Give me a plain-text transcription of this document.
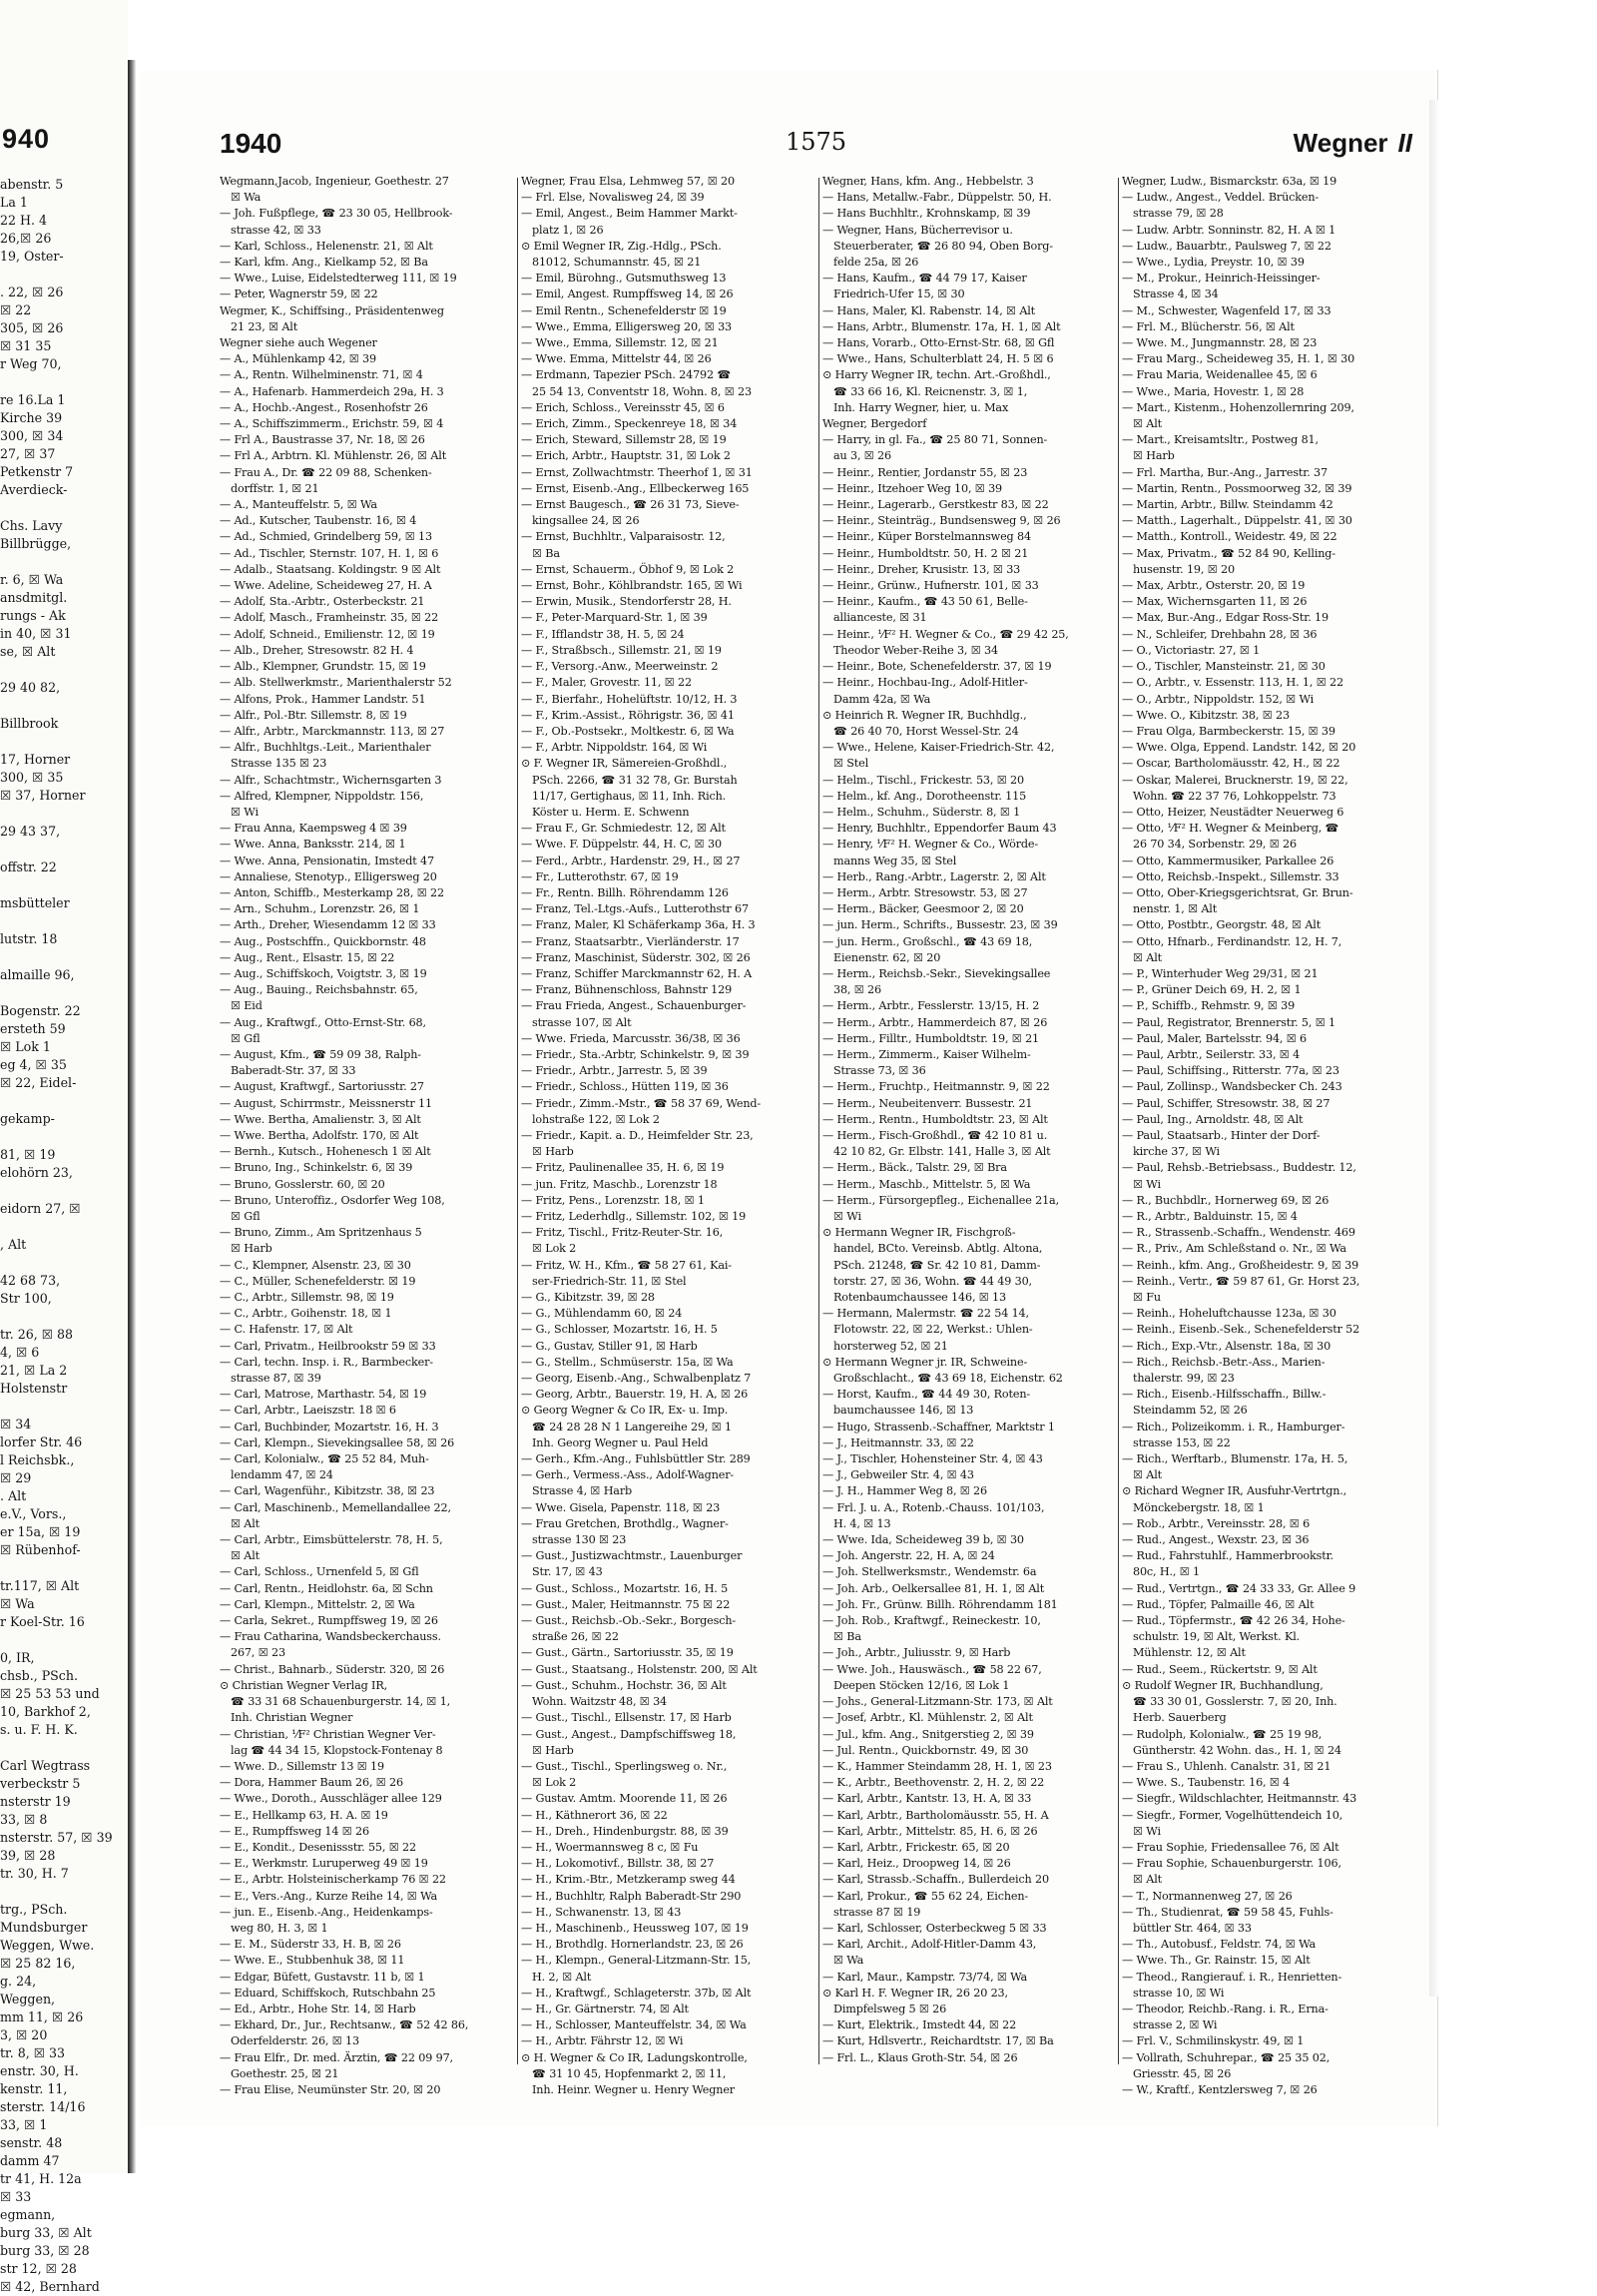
940
abenstr. 5
La 1
22 H. 4
26,☒ 26
19, Oster-

. 22, ☒ 26
☒ 22
305, ☒ 26
☒ 31 35
r Weg 70,

re 16.La 1
Kirche 39
300, ☒ 34
27, ☒ 37
Petkenstr 7
Averdieck-

Chs. Lavy
Billbrügge,

r. 6, ☒ Wa
ansdmitgl.
rungs - Ak
in 40, ☒ 31
se, ☒ Alt

29 40 82,

Billbrook

17, Horner
300, ☒ 35
☒ 37, Horner

29 43 37,

offstr. 22

msbütteler

lutstr. 18

almaille 96,

Bogenstr. 22
ersteth 59
☒ Lok 1
eg 4, ☒ 35
☒ 22, Eidel-

gekamp-

81, ☒ 19
elohörn 23,

eidorn 27, ☒

, Alt

42 68 73,
Str 100,

tr. 26, ☒ 88
4, ☒ 6
21, ☒ La 2
Holstenstr

☒ 34
lorfer Str. 46
l Reichsbk.,
☒ 29
. Alt
e.V., Vors.,
er 15a, ☒ 19
☒ Rübenhof-

tr.117, ☒ Alt
☒ Wa
r Koel-Str. 16

0, IR,
chsb., PSch.
☒ 25 53 53 und
10, Barkhof 2,
s. u. F. H. K.

Carl Wegtrass
verbeckstr 5
nsterstr 19
33, ☒ 8
nsterstr. 57, ☒ 39
39, ☒ 28
tr. 30, H. 7

trg., PSch.
Mundsburger
Weggen, Wwe.
☒ 25 82 16,
g. 24,
Weggen,
mm 11, ☒ 26
3, ☒ 20
tr. 8, ☒ 33
enstr. 30, H.
kenstr. 11,
sterstr. 14/16
33, ☒ 1
senstr. 48
damm 47
tr 41, H. 12a
☒ 33
egmann,
burg 33, ☒ Alt
burg 33, ☒ 28
str 12, ☒ 28
☒ 42, Bernhard
1940	1575	Wegner II
Wegmann,Jacob, Ingenieur, Goethestr. 27
☒ Wa
— Joh. Fußpflege, ☎ 23 30 05, Hellbrook-
strasse 42, ☒ 33
— Karl, Schloss., Helenenstr. 21, ☒ Alt
— Karl, kfm. Ang., Kielkamp 52, ☒ Ba
— Wwe., Luise, Eidelstedterweg 111, ☒ 19
— Peter, Wagnerstr 59, ☒ 22
Wegmer, K., Schiffsing., Präsidentenweg
21 23, ☒ Alt
Wegner siehe auch Wegener
— A., Mühlenkamp 42, ☒ 39
— A., Rentn. Wilhelminenstr. 71, ☒ 4
— A., Hafenarb. Hammerdeich 29a, H. 3
— A., Hochb.-Angest., Rosenhofstr 26
— A., Schiffszimmerm., Erichstr. 59, ☒ 4
— Frl A., Baustrasse 37, Nr. 18, ☒ 26
— Frl A., Arbtrn. Kl. Mühlenstr. 26, ☒ Alt
— Frau A., Dr. ☎ 22 09 88, Schenken-
dorffstr. 1, ☒ 21
— A., Manteuffelstr. 5, ☒ Wa
— Ad., Kutscher, Taubenstr. 16, ☒ 4
— Ad., Schmied, Grindelberg 59, ☒ 13
— Ad., Tischler, Sternstr. 107, H. 1, ☒ 6
— Adalb., Staatsang. Koldingstr. 9 ☒ Alt
— Wwe. Adeline, Scheideweg 27, H. A
— Adolf, Sta.-Arbtr., Osterbeckstr. 21
— Adolf, Masch., Framheinstr. 35, ☒ 22
— Adolf, Schneid., Emilienstr. 12, ☒ 19
— Alb., Dreher, Stresowstr. 82 H. 4
— Alb., Klempner, Grundstr. 15, ☒ 19
— Alb. Stellwerkmstr., Marienthalerstr 52
— Alfons, Prok., Hammer Landstr. 51
— Alfr., Pol.-Btr. Sillemstr. 8, ☒ 19
— Alfr., Arbtr., Marckmannstr. 113, ☒ 27
— Alfr., Buchhltgs.-Leit., Marienthaler
Strasse 135 ☒ 23
— Alfr., Schachtmstr., Wichernsgarten 3
— Alfred, Klempner, Nippoldstr. 156,
☒ Wi
— Frau Anna, Kaempsweg 4 ☒ 39
— Wwe. Anna, Banksstr. 214, ☒ 1
— Wwe. Anna, Pensionatin, Imstedt 47
— Annaliese, Stenotyp., Elligersweg 20
— Anton, Schiffb., Mesterkamp 28, ☒ 22
— Arn., Schuhm., Lorenzstr. 26, ☒ 1
— Arth., Dreher, Wiesendamm 12 ☒ 33
— Aug., Postschffn., Quickbornstr. 48
— Aug., Rent., Elsastr. 15, ☒ 22
— Aug., Schiffskoch, Voigtstr. 3, ☒ 19
— Aug., Bauing., Reichsbahnstr. 65,
☒ Eid
— Aug., Kraftwgf., Otto-Ernst-Str. 68,
☒ Gfl
— August, Kfm., ☎ 59 09 38, Ralph-
Baberadt-Str. 37, ☒ 33
— August, Kraftwgf., Sartoriusstr. 27
— August, Schirrmstr., Meissnerstr 11
— Wwe. Bertha, Amalienstr. 3, ☒ Alt
— Wwe. Bertha, Adolfstr. 170, ☒ Alt
— Bernh., Kutsch., Hohenesch 1 ☒ Alt
— Bruno, Ing., Schinkelstr. 6, ☒ 39
— Bruno, Gosslerstr. 60, ☒ 20
— Bruno, Unteroffiz., Osdorfer Weg 108,
☒ Gfl
— Bruno, Zimm., Am Spritzenhaus 5
☒ Harb
— C., Klempner, Alsenstr. 23, ☒ 30
— C., Müller, Schenefelderstr. ☒ 19
— C., Arbtr., Sillemstr. 98, ☒ 19
— C., Arbtr., Goihenstr. 18, ☒ 1
— C. Hafenstr. 17, ☒ Alt
— Carl, Privatm., Heilbrookstr 59 ☒ 33
— Carl, techn. Insp. i. R., Barmbecker-
strasse 87, ☒ 39
— Carl, Matrose, Marthastr. 54, ☒ 19
— Carl, Arbtr., Laeiszstr. 18 ☒ 6
— Carl, Buchbinder, Mozartstr. 16, H. 3
— Carl, Klempn., Sievekingsallee 58, ☒ 26
— Carl, Kolonialw., ☎ 25 52 84, Muh-
lendamm 47, ☒ 24
— Carl, Wagenführ., Kibitzstr. 38, ☒ 23
— Carl, Maschinenb., Memellandallee 22,
☒ Alt
— Carl, Arbtr., Eimsbüttelerstr. 78, H. 5,
☒ Alt
— Carl, Schloss., Urnenfeld 5, ☒ Gfl
— Carl, Rentn., Heidlohstr. 6a, ☒ Schn
— Carl, Klempn., Mittelstr. 2, ☒ Wa
— Carla, Sekret., Rumpffsweg 19, ☒ 26
— Frau Catharina, Wandsbeckerchauss.
267, ☒ 23
— Christ., Bahnarb., Süderstr. 320, ☒ 26
⊙ Christian Wegner Verlag IR,
☎ 33 31 68 Schauenburgerstr. 14, ☒ 1,
Inh. Christian Wegner
— Christian, ⅟F² Christian Wegner Ver-
lag ☎ 44 34 15, Klopstock-Fontenay 8
— Wwe. D., Sillemstr 13 ☒ 19
— Dora, Hammer Baum 26, ☒ 26
— Wwe., Doroth., Ausschläger allee 129
— E., Hellkamp 63, H. A. ☒ 19
— E., Rumpffsweg 14 ☒ 26
— E., Kondit., Desenissstr. 55, ☒ 22
— E., Werkmstr. Luruperweg 49 ☒ 19
— E., Arbtr. Holsteinischerkamp 76 ☒ 22
— E., Vers.-Ang., Kurze Reihe 14, ☒ Wa
— jun. E., Eisenb.-Ang., Heidenkamps-
weg 80, H. 3, ☒ 1
— E. M., Süderstr 33, H. B, ☒ 26
— Wwe. E., Stubbenhuk 38, ☒ 11
— Edgar, Büfett, Gustavstr. 11 b, ☒ 1
— Eduard, Schiffskoch, Rutschbahn 25
— Ed., Arbtr., Hohe Str. 14, ☒ Harb
— Ekhard, Dr., Jur., Rechtsanw., ☎ 52 42 86,
Oderfelderstr. 26, ☒ 13
— Frau Elfr., Dr. med. Ärztin, ☎ 22 09 97,
Goethestr. 25, ☒ 21
— Frau Elise, Neumünster Str. 20, ☒ 20
Wegner, Frau Elsa, Lehmweg 57, ☒ 20
— Frl. Else, Novalisweg 24, ☒ 39
— Emil, Angest., Beim Hammer Markt-
platz 1, ☒ 26
⊙ Emil Wegner IR, Zig.-Hdlg., PSch.
81012, Schumannstr. 45, ☒ 21
— Emil, Bürohng., Gutsmuthsweg 13
— Emil, Angest. Rumpffsweg 14, ☒ 26
— Emil Rentn., Schenefelderstr ☒ 19
— Wwe., Emma, Elligersweg 20, ☒ 33
— Wwe., Emma, Sillemstr. 12, ☒ 21
— Wwe. Emma, Mittelstr 44, ☒ 26
— Erdmann, Tapezier PSch. 24792 ☎
25 54 13, Conventstr 18, Wohn. 8, ☒ 23
— Erich, Schloss., Vereinsstr 45, ☒ 6
— Erich, Zimm., Speckenreye 18, ☒ 34
— Erich, Steward, Sillemstr 28, ☒ 19
— Erich, Arbtr., Hauptstr. 31, ☒ Lok 2
— Ernst, Zollwachtmstr. Theerhof 1, ☒ 31
— Ernst, Eisenb.-Ang., Ellbeckerweg 165
— Ernst Baugesch., ☎ 26 31 73, Sieve-
kingsallee 24, ☒ 26
— Ernst, Buchhltr., Valparaisostr. 12,
☒ Ba
— Ernst, Schauerm., Öbhof 9, ☒ Lok 2
— Ernst, Bohr., Köhlbrandstr. 165, ☒ Wi
— Erwin, Musik., Stendorferstr 28, H.
— F., Peter-Marquard-Str. 1, ☒ 39
— F., Ifflandstr 38, H. 5, ☒ 24
— F., Straßbsch., Sillemstr. 21, ☒ 19
— F., Versorg.-Anw., Meerweinstr. 2
— F., Maler, Grovestr. 11, ☒ 22
— F., Bierfahr., Hohelüftstr. 10/12, H. 3
— F., Krim.-Assist., Röhrigstr. 36, ☒ 41
— F., Ob.-Postsekr., Moltkestr. 6, ☒ Wa
— F., Arbtr. Nippoldstr. 164, ☒ Wi
⊙ F. Wegner IR, Sämereien-Großhdl.,
PSch. 2266, ☎ 31 32 78, Gr. Burstah
11/17, Gertighaus, ☒ 11, Inh. Rich.
Köster u. Herm. E. Schwenn
— Frau F., Gr. Schmiedestr. 12, ☒ Alt
— Wwe. F. Düppelstr. 44, H. C, ☒ 30
— Ferd., Arbtr., Hardenstr. 29, H., ☒ 27
— Fr., Lutterothstr. 67, ☒ 19
— Fr., Rentn. Billh. Röhrendamm 126
— Franz, Tel.-Ltgs.-Aufs., Lutterothstr 67
— Franz, Maler, Kl Schäferkamp 36a, H. 3
— Franz, Staatsarbtr., Vierländerstr. 17
— Franz, Maschinist, Süderstr. 302, ☒ 26
— Franz, Schiffer Marckmannstr 62, H. A
— Franz, Bühnenschloss, Bahnstr 129
— Frau Frieda, Angest., Schauenburger-
strasse 107, ☒ Alt
— Wwe. Frieda, Marcusstr. 36/38, ☒ 36
— Friedr., Sta.-Arbtr, Schinkelstr. 9, ☒ 39
— Friedr., Arbtr., Jarrestr. 5, ☒ 39
— Friedr., Schloss., Hütten 119, ☒ 36
— Friedr., Zimm.-Mstr., ☎ 58 37 69, Wend-
lohstraße 122, ☒ Lok 2
— Friedr., Kapit. a. D., Heimfelder Str. 23,
☒ Harb
— Fritz, Paulinenallee 35, H. 6, ☒ 19
— jun. Fritz, Maschb., Lorenzstr 18
— Fritz, Pens., Lorenzstr. 18, ☒ 1
— Fritz, Lederhdlg., Sillemstr. 102, ☒ 19
— Fritz, Tischl., Fritz-Reuter-Str. 16,
☒ Lok 2
— Fritz, W. H., Kfm., ☎ 58 27 61, Kai-
ser-Friedrich-Str. 11, ☒ Stel
— G., Kibitzstr. 39, ☒ 28
— G., Mühlendamm 60, ☒ 24
— G., Schlosser, Mozartstr. 16, H. 5
— G., Gustav, Stiller 91, ☒ Harb
— G., Stellm., Schmüserstr. 15a, ☒ Wa
— Georg, Eisenb.-Ang., Schwalbenplatz 7
— Georg, Arbtr., Bauerstr. 19, H. A, ☒ 26
⊙ Georg Wegner & Co IR, Ex- u. Imp.
☎ 24 28 28 N 1 Langereihe 29, ☒ 1
Inh. Georg Wegner u. Paul Held
— Gerh., Kfm.-Ang., Fuhlsbüttler Str. 289
— Gerh., Vermess.-Ass., Adolf-Wagner-
Strasse 4, ☒ Harb
— Wwe. Gisela, Papenstr. 118, ☒ 23
— Frau Gretchen, Brothdlg., Wagner-
strasse 130 ☒ 23
— Gust., Justizwachtmstr., Lauenburger
Str. 17, ☒ 43
— Gust., Schloss., Mozartstr. 16, H. 5
— Gust., Maler, Heitmannstr. 75 ☒ 22
— Gust., Reichsb.-Ob.-Sekr., Borgesch-
straße 26, ☒ 22
— Gust., Gärtn., Sartoriusstr. 35, ☒ 19
— Gust., Staatsang., Holstenstr. 200, ☒ Alt
— Gust., Schuhm., Hochstr. 36, ☒ Alt
Wohn. Waitzstr 48, ☒ 34
— Gust., Tischl., Ellsenstr. 17, ☒ Harb
— Gust., Angest., Dampfschiffsweg 18,
☒ Harb
— Gust., Tischl., Sperlingsweg o. Nr.,
☒ Lok 2
— Gustav. Amtm. Moorende 11, ☒ 26
— H., Käthnerort 36, ☒ 22
— H., Dreh., Hindenburgstr. 88, ☒ 39
— H., Woermannsweg 8 c, ☒ Fu
— H., Lokomotivf., Billstr. 38, ☒ 27
— H., Krim.-Btr., Metzkeramp sweg 44
— H., Buchhltr, Ralph Baberadt-Str 290
— H., Schwanenstr. 13, ☒ 43
— H., Maschinenb., Heussweg 107, ☒ 19
— H., Brothdlg. Hornerlandstr. 23, ☒ 26
— H., Klempn., General-Litzmann-Str. 15,
H. 2, ☒ Alt
— H., Kraftwgf., Schlageterstr. 37b, ☒ Alt
— H., Gr. Gärtnerstr. 74, ☒ Alt
— H., Schlosser, Manteuffelstr. 34, ☒ Wa
— H., Arbtr. Fährstr 12, ☒ Wi
⊙ H. Wegner & Co IR, Ladungskontrolle,
☎ 31 10 45, Hopfenmarkt 2, ☒ 11,
Inh. Heinr. Wegner u. Henry Wegner
Wegner, Hans, kfm. Ang., Hebbelstr. 3
— Hans, Metallw.-Fabr., Düppelstr. 50, H.
— Hans Buchhltr., Krohnskamp, ☒ 39
— Wegner, Hans, Bücherrevisor u.
Steuerberater, ☎ 26 80 94, Oben Borg-
felde 25a, ☒ 26
— Hans, Kaufm., ☎ 44 79 17, Kaiser
Friedrich-Ufer 15, ☒ 30
— Hans, Maler, Kl. Rabenstr. 14, ☒ Alt
— Hans, Arbtr., Blumenstr. 17a, H. 1, ☒ Alt
— Hans, Vorarb., Otto-Ernst-Str. 68, ☒ Gfl
— Wwe., Hans, Schulterblatt 24, H. 5 ☒ 6
⊙ Harry Wegner IR, techn. Art.-Großhdl.,
☎ 33 66 16, Kl. Reicnenstr. 3, ☒ 1,
Inh. Harry Wegner, hier, u. Max
Wegner, Bergedorf
— Harry, in gl. Fa., ☎ 25 80 71, Sonnen-
au 3, ☒ 26
— Heinr., Rentier, Jordanstr 55, ☒ 23
— Heinr., Itzehoer Weg 10, ☒ 39
— Heinr., Lagerarb., Gerstkestr 83, ☒ 22
— Heinr., Steinträg., Bundsensweg 9, ☒ 26
— Heinr., Küper Borstelmannsweg 84
— Heinr., Humboldtstr. 50, H. 2 ☒ 21
— Heinr., Dreher, Krusistr. 13, ☒ 33
— Heinr., Grünw., Hufnerstr. 101, ☒ 33
— Heinr., Kaufm., ☎ 43 50 61, Belle-
allianceste, ☒ 31
— Heinr., ⅟F² H. Wegner & Co., ☎ 29 42 25,
Theodor Weber-Reihe 3, ☒ 34
— Heinr., Bote, Schenefelderstr. 37, ☒ 19
— Heinr., Hochbau-Ing., Adolf-Hitler-
Damm 42a, ☒ Wa
⊙ Heinrich R. Wegner IR, Buchhdlg.,
☎ 26 40 70, Horst Wessel-Str. 24
— Wwe., Helene, Kaiser-Friedrich-Str. 42,
☒ Stel
— Helm., Tischl., Frickestr. 53, ☒ 20
— Helm., kf. Ang., Dorotheenstr. 115
— Helm., Schuhm., Süderstr. 8, ☒ 1
— Henry, Buchhltr., Eppendorfer Baum 43
— Henry, ⅟F² H. Wegner & Co., Wörde-
manns Weg 35, ☒ Stel
— Herb., Rang.-Arbtr., Lagerstr. 2, ☒ Alt
— Herm., Arbtr. Stresowstr. 53, ☒ 27
— Herm., Bäcker, Geesmoor 2, ☒ 20
— jun. Herm., Schrifts., Bussestr. 23, ☒ 39
— jun. Herm., Großschl., ☎ 43 69 18,
Eienenstr. 62, ☒ 20
— Herm., Reichsb.-Sekr., Sievekingsallee
38, ☒ 26
— Herm., Arbtr., Fesslerstr. 13/15, H. 2
— Herm., Arbtr., Hammerdeich 87, ☒ 26
— Herm., Filltr., Humboldtstr. 19, ☒ 21
— Herm., Zimmerm., Kaiser Wilhelm-
Strasse 73, ☒ 36
— Herm., Fruchtp., Heitmannstr. 9, ☒ 22
— Herm., Neubeitenverr. Bussestr. 21
— Herm., Rentn., Humboldtstr. 23, ☒ Alt
— Herm., Fisch-Großhdl., ☎ 42 10 81 u.
42 10 82, Gr. Elbstr. 141, Halle 3, ☒ Alt
— Herm., Bäck., Talstr. 29, ☒ Bra
— Herm., Maschb., Mittelstr. 5, ☒ Wa
— Herm., Fürsorgepfleg., Eichenallee 21a,
☒ Wi
⊙ Hermann Wegner IR, Fischgroß-
handel, BCto. Vereinsb. Abtlg. Altona,
PSch. 21248, ☎ Sr. 42 10 81, Damm-
torstr. 27, ☒ 36, Wohn. ☎ 44 49 30,
Rotenbaumchaussee 146, ☒ 13
— Hermann, Malermstr. ☎ 22 54 14,
Flotowstr. 22, ☒ 22, Werkst.: Uhlen-
horsterweg 52, ☒ 21
⊙ Hermann Wegner jr. IR, Schweine-
Großschlacht., ☎ 43 69 18, Eichenstr. 62
— Horst, Kaufm., ☎ 44 49 30, Roten-
baumchaussee 146, ☒ 13
— Hugo, Strassenb.-Schaffner, Marktstr 1
— J., Heitmannstr. 33, ☒ 22
— J., Tischler, Hohensteiner Str. 4, ☒ 43
— J., Gebweiler Str. 4, ☒ 43
— J. H., Hammer Weg 8, ☒ 26
— Frl. J. u. A., Rotenb.-Chauss. 101/103,
H. 4, ☒ 13
— Wwe. Ida, Scheideweg 39 b, ☒ 30
— Joh. Angerstr. 22, H. A, ☒ 24
— Joh. Stellwerksmstr., Wendemstr. 6a
— Joh. Arb., Oelkersallee 81, H. 1, ☒ Alt
— Joh. Fr., Grünw. Billh. Röhrendamm 181
— Joh. Rob., Kraftwgf., Reineckestr. 10,
☒ Ba
— Joh., Arbtr., Juliusstr. 9, ☒ Harb
— Wwe. Joh., Hauswäsch., ☎ 58 22 67,
Deepen Stöcken 12/16, ☒ Lok 1
— Johs., General-Litzmann-Str. 173, ☒ Alt
— Josef, Arbtr., Kl. Mühlenstr. 2, ☒ Alt
— Jul., kfm. Ang., Snitgerstieg 2, ☒ 39
— Jul. Rentn., Quickbornstr. 49, ☒ 30
— K., Hammer Steindamm 28, H. 1, ☒ 23
— K., Arbtr., Beethovenstr. 2, H. 2, ☒ 22
— Karl, Arbtr., Kantstr. 13, H. A, ☒ 33
— Karl, Arbtr., Bartholomäusstr. 55, H. A
— Karl, Arbtr., Mittelstr. 85, H. 6, ☒ 26
— Karl, Arbtr., Frickestr. 65, ☒ 20
— Karl, Heiz., Droopweg 14, ☒ 26
— Karl, Strassb.-Schaffn., Bullerdeich 20
— Karl, Prokur., ☎ 55 62 24, Eichen-
strasse 87 ☒ 19
— Karl, Schlosser, Osterbeckweg 5 ☒ 33
— Karl, Archit., Adolf-Hitler-Damm 43,
☒ Wa
— Karl, Maur., Kampstr. 73/74, ☒ Wa
⊙ Karl H. F. Wegner IR, 26 20 23,
Dimpfelsweg 5 ☒ 26
— Kurt, Elektrik., Imstedt 44, ☒ 22
— Kurt, Hdlsvertr., Reichardtstr. 17, ☒ Ba
— Frl. L., Klaus Groth-Str. 54, ☒ 26
Wegner, Ludw., Bismarckstr. 63a, ☒ 19
— Ludw., Angest., Veddel. Brücken-
strasse 79, ☒ 28
— Ludw. Arbtr. Sonninstr. 82, H. A ☒ 1
— Ludw., Bauarbtr., Paulsweg 7, ☒ 22
— Wwe., Lydia, Preystr. 10, ☒ 39
— M., Prokur., Heinrich-Heissinger-
Strasse 4, ☒ 34
— M., Schwester, Wagenfeld 17, ☒ 33
— Frl. M., Blücherstr. 56, ☒ Alt
— Wwe. M., Jungmannstr. 28, ☒ 23
— Frau Marg., Scheideweg 35, H. 1, ☒ 30
— Frau Maria, Weidenallee 45, ☒ 6
— Wwe., Maria, Hovestr. 1, ☒ 28
— Mart., Kistenm., Hohenzollernring 209,
☒ Alt
— Mart., Kreisamtsltr., Postweg 81,
☒ Harb
— Frl. Martha, Bur.-Ang., Jarrestr. 37
— Martin, Rentn., Possmoorweg 32, ☒ 39
— Martin, Arbtr., Billw. Steindamm 42
— Matth., Lagerhalt., Düppelstr. 41, ☒ 30
— Matth., Kontroll., Weidestr. 49, ☒ 22
— Max, Privatm., ☎ 52 84 90, Kelling-
husenstr. 19, ☒ 20
— Max, Arbtr., Osterstr. 20, ☒ 19
— Max, Wichernsgarten 11, ☒ 26
— Max, Bur.-Ang., Edgar Ross-Str. 19
— N., Schleifer, Drehbahn 28, ☒ 36
— O., Victoriastr. 27, ☒ 1
— O., Tischler, Mansteinstr. 21, ☒ 30
— O., Arbtr., v. Essenstr. 113, H. 1, ☒ 22
— O., Arbtr., Nippoldstr. 152, ☒ Wi
— Wwe. O., Kibitzstr. 38, ☒ 23
— Frau Olga, Barmbeckerstr. 15, ☒ 39
— Wwe. Olga, Eppend. Landstr. 142, ☒ 20
— Oscar, Bartholomäusstr. 42, H., ☒ 22
— Oskar, Malerei, Brucknerstr. 19, ☒ 22,
Wohn. ☎ 22 37 76, Lohkoppelstr. 73
— Otto, Heizer, Neustädter Neuerweg 6
— Otto, ⅟F² H. Wegner & Meinberg, ☎
26 70 34, Sorbenstr. 29, ☒ 26
— Otto, Kammermusiker, Parkallee 26
— Otto, Reichsb.-Inspekt., Sillemstr. 33
— Otto, Ober-Kriegsgerichtsrat, Gr. Brun-
nenstr. 1, ☒ Alt
— Otto, Postbtr., Georgstr. 48, ☒ Alt
— Otto, Hfnarb., Ferdinandstr. 12, H. 7,
☒ Alt
— P., Winterhuder Weg 29/31, ☒ 21
— P., Grüner Deich 69, H. 2, ☒ 1
— P., Schiffb., Rehmstr. 9, ☒ 39
— Paul, Registrator, Brennerstr. 5, ☒ 1
— Paul, Maler, Bartelsstr. 94, ☒ 6
— Paul, Arbtr., Seilerstr. 33, ☒ 4
— Paul, Schiffsing., Ritterstr. 77a, ☒ 23
— Paul, Zollinsp., Wandsbecker Ch. 243
— Paul, Schiffer, Stresowstr. 38, ☒ 27
— Paul, Ing., Arnoldstr. 48, ☒ Alt
— Paul, Staatsarb., Hinter der Dorf-
kirche 37, ☒ Wi
— Paul, Rehsb.-Betriebsass., Buddestr. 12,
☒ Wi
— R., Buchbdlr., Hornerweg 69, ☒ 26
— R., Arbtr., Balduinstr. 15, ☒ 4
— R., Strassenb.-Schaffn., Wendenstr. 469
— R., Priv., Am Schleßstand o. Nr., ☒ Wa
— Reinh., kfm. Ang., Großheidestr. 9, ☒ 39
— Reinh., Vertr., ☎ 59 87 61, Gr. Horst 23,
☒ Fu
— Reinh., Hoheluftchausse 123a, ☒ 30
— Reinh., Eisenb.-Sek., Schenefelderstr 52
— Rich., Exp.-Vtr., Alsenstr. 18a, ☒ 30
— Rich., Reichsb.-Betr.-Ass., Marien-
thalerstr. 99, ☒ 23
— Rich., Eisenb.-Hilfsschaffn., Billw.-
Steindamm 52, ☒ 26
— Rich., Polizeikomm. i. R., Hamburger-
strasse 153, ☒ 22
— Rich., Werftarb., Blumenstr. 17a, H. 5,
☒ Alt
⊙ Richard Wegner IR, Ausfuhr-Vertrtgn.,
Mönckebergstr. 18, ☒ 1
— Rob., Arbtr., Vereinsstr. 28, ☒ 6
— Rud., Angest., Wexstr. 23, ☒ 36
— Rud., Fahrstuhlf., Hammerbrookstr.
80c, H., ☒ 1
— Rud., Vertrtgn., ☎ 24 33 33, Gr. Allee 9
— Rud., Töpfer, Palmaille 46, ☒ Alt
— Rud., Töpfermstr., ☎ 42 26 34, Hohe-
schulstr. 19, ☒ Alt, Werkst. Kl.
Mühlenstr. 12, ☒ Alt
— Rud., Seem., Rückertstr. 9, ☒ Alt
⊙ Rudolf Wegner IR, Buchhandlung,
☎ 33 30 01, Gosslerstr. 7, ☒ 20, Inh.
Herb. Sauerberg
— Rudolph, Kolonialw., ☎ 25 19 98,
Güntherstr. 42 Wohn. das., H. 1, ☒ 24
— Frau S., Uhlenh. Canalstr. 31, ☒ 21
— Wwe. S., Taubenstr. 16, ☒ 4
— Siegfr., Wildschlachter, Heitmannstr. 43
— Siegfr., Former, Vogelhüttendeich 10,
☒ Wi
— Frau Sophie, Friedensallee 76, ☒ Alt
— Frau Sophie, Schauenburgerstr. 106,
☒ Alt
— T., Normannenweg 27, ☒ 26
— Th., Studienrat, ☎ 59 58 45, Fuhls-
büttler Str. 464, ☒ 33
— Th., Autobusf., Feldstr. 74, ☒ Wa
— Wwe. Th., Gr. Rainstr. 15, ☒ Alt
— Theod., Rangierauf. i. R., Henrietten-
strasse 10, ☒ Wi
— Theodor, Reichb.-Rang. i. R., Erna-
strasse 2, ☒ Wi
— Frl. V., Schmilinskystr. 49, ☒ 1
— Vollrath, Schuhrepar., ☎ 25 35 02,
Griesstr. 45, ☒ 26
— W., Kraftf., Kentzlersweg 7, ☒ 26
